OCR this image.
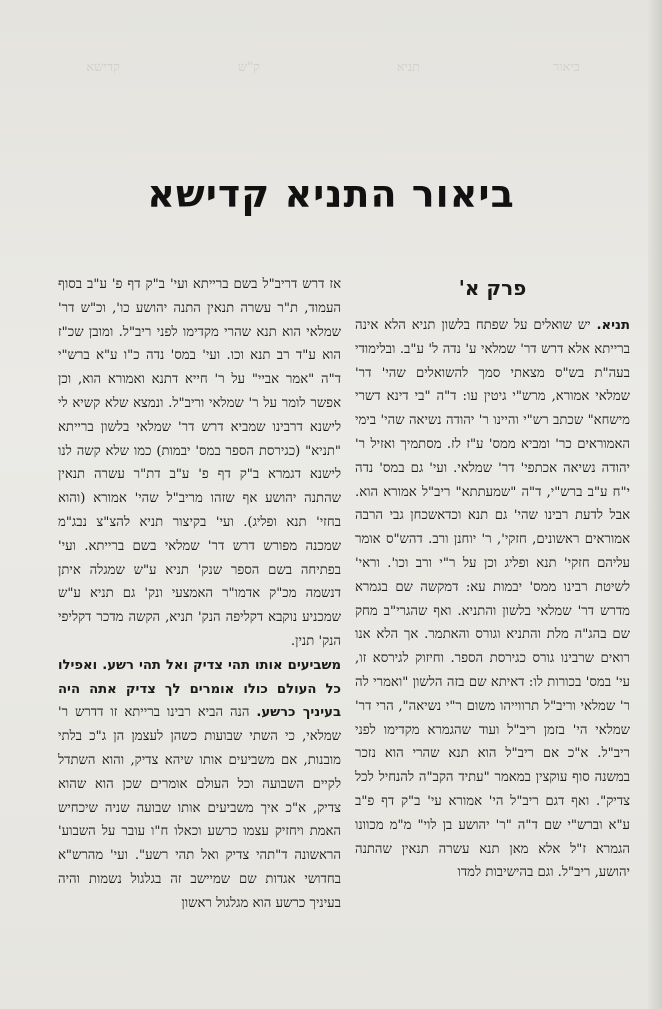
ביאור
תניא
ק"ש
קדישא
ביאור התניא קדישא
פרק א'

תניא. יש שואלים על שפתח בלשון תניא הלא אינה ברייתא אלא דרש דר' שמלאי ע' נדה ל' ע"ב. ובלימודי בעה"ת בש"ס מצאתי סמך להשואלים שהי' דר' שמלאי אמורא, מרש"י גיטין עו: ד"ה "בי דינא דשרי מישחא" שכתב רש"י והיינו ר' יהודה נשיאה שהי' בימי האמוראים כר' ומביא ממס' ע"ז לז. מסתמיך ואזיל ר' יהודה נשיאה אכתפי' דר' שמלאי. ועי' גם במס' נדה י"ח ע"ב ברש"י, ד"ה "שמעתתא" ריב"ל אמורא הוא. אבל לדעת רבינו שהי' גם תנא וכדאשכחן גבי הרבה אמוראים ראשונים, חזקי', ר' יוחנן ורב. דהש"ס אומר עליהם חזקי' תנא ופליג וכן על ר"י ורב וכו'. וראי' לשיטת רבינו ממס' יבמות עא: דמקשה שם בגמרא מדרש דר' שמלאי בלשון והתניא. ואף שהגרי"ב מחק שם בהג"ה מלת והתניא וגורס והאתמר. אך הלא אנו רואים שרבינו גורס כגירסת הספר. וחיזוק לגירסא זו, עי' במס' בכורות לו: דאיתא שם בזה הלשון "ואמרי לה ר' שמלאי וריב"ל תרווייהו משום ר"י נשיאה", הרי דר' שמלאי הי' בזמן ריב"ל ועוד שהגמרא מקדימו לפני ריב"ל. א"כ אם ריב"ל הוא תנא שהרי הוא נזכר במשנה סוף עוקצין במאמר "עתיד הקב"ה להנחיל לכל צדיק". ואף דגם ריב"ל הי' אמורא עי' ב"ק דף פ"ב ע"א וברש"י שם ד"ה "ר' יהושע בן לוי" מ"מ מכוונו הגמרא ז"ל אלא מאן תנא עשרה תנאין שהתנה יהושע, ריב"ל. וגם בהישיבות למדו

אז דרש דריב"ל בשם ברייתא ועי' ב"ק דף פ' ע"ב בסוף העמוד, ת"ר עשרה תנאין התנה יהושע כו', וכ"ש דר' שמלאי הוא תנא שהרי מקדימו לפני ריב"ל. ומובן שכ"ז הוא ע"ד רב תנא וכו. ועי' במס' נדה כ"ו ע"א ברש"י ד"ה "אמר אביי" על ר' חייא דתנא ואמורא הוא, וכן אפשר לומר על ר' שמלאי וריב"ל. ונמצא שלא קשיא לי לישנא דרבינו שמביא דרש דר' שמלאי בלשון ברייתא "תניא" (כגירסת הספר במס' יבמות) כמו שלא קשה לנו לישנא דגמרא ב"ק דף פ' ע"ב דת"ר עשרה תנאין שהתנה יהושע אף שזהו מריב"ל שהי' אמורא (והוא בחזי' תנא ופליג). ועי' בקיצור תניא להצ"צ נבג"מ שמכנה מפורש דרש דר' שמלאי בשם ברייתא. ועי' בפתיחה בשם הספר שנק' תניא ע"ש שמגלה איתן דנשמה מכ"ק אדמו"ר האמצעי ונק' גם תניא ע"ש שמכניע נוקבא דקליפה הנק' תניא, הקשה מדכר דקליפי הנק' תנין.

משביעים אותו תהי צדיק ואל תהי רשע. ואפילו כל העולם כולו אומרים לך צדיק אתה היה בעיניך כרשע. הנה הביא רבינו ברייתא זו דדרש ר' שמלאי, כי השתי שבועות כשהן לעצמן הן ג"כ בלתי מובנות, אם משביעים אותו שיהא צדיק, והוא השתדל לקיים השבועה וכל העולם אומרים שכן הוא שהוא צדיק, א"כ איך משביעים אותו שבועה שניה שיכחיש האמת ויחזיק עצמו כרשע וכאלו ח"ו עובר על השבוע' הראשונה ד"תהי צדיק ואל תהי רשע". ועי' מהרש"א בחדושי אגדות שם שמיישב זה בגלגול נשמות והיה בעיניך כרשע הוא מגלגול ראשון
